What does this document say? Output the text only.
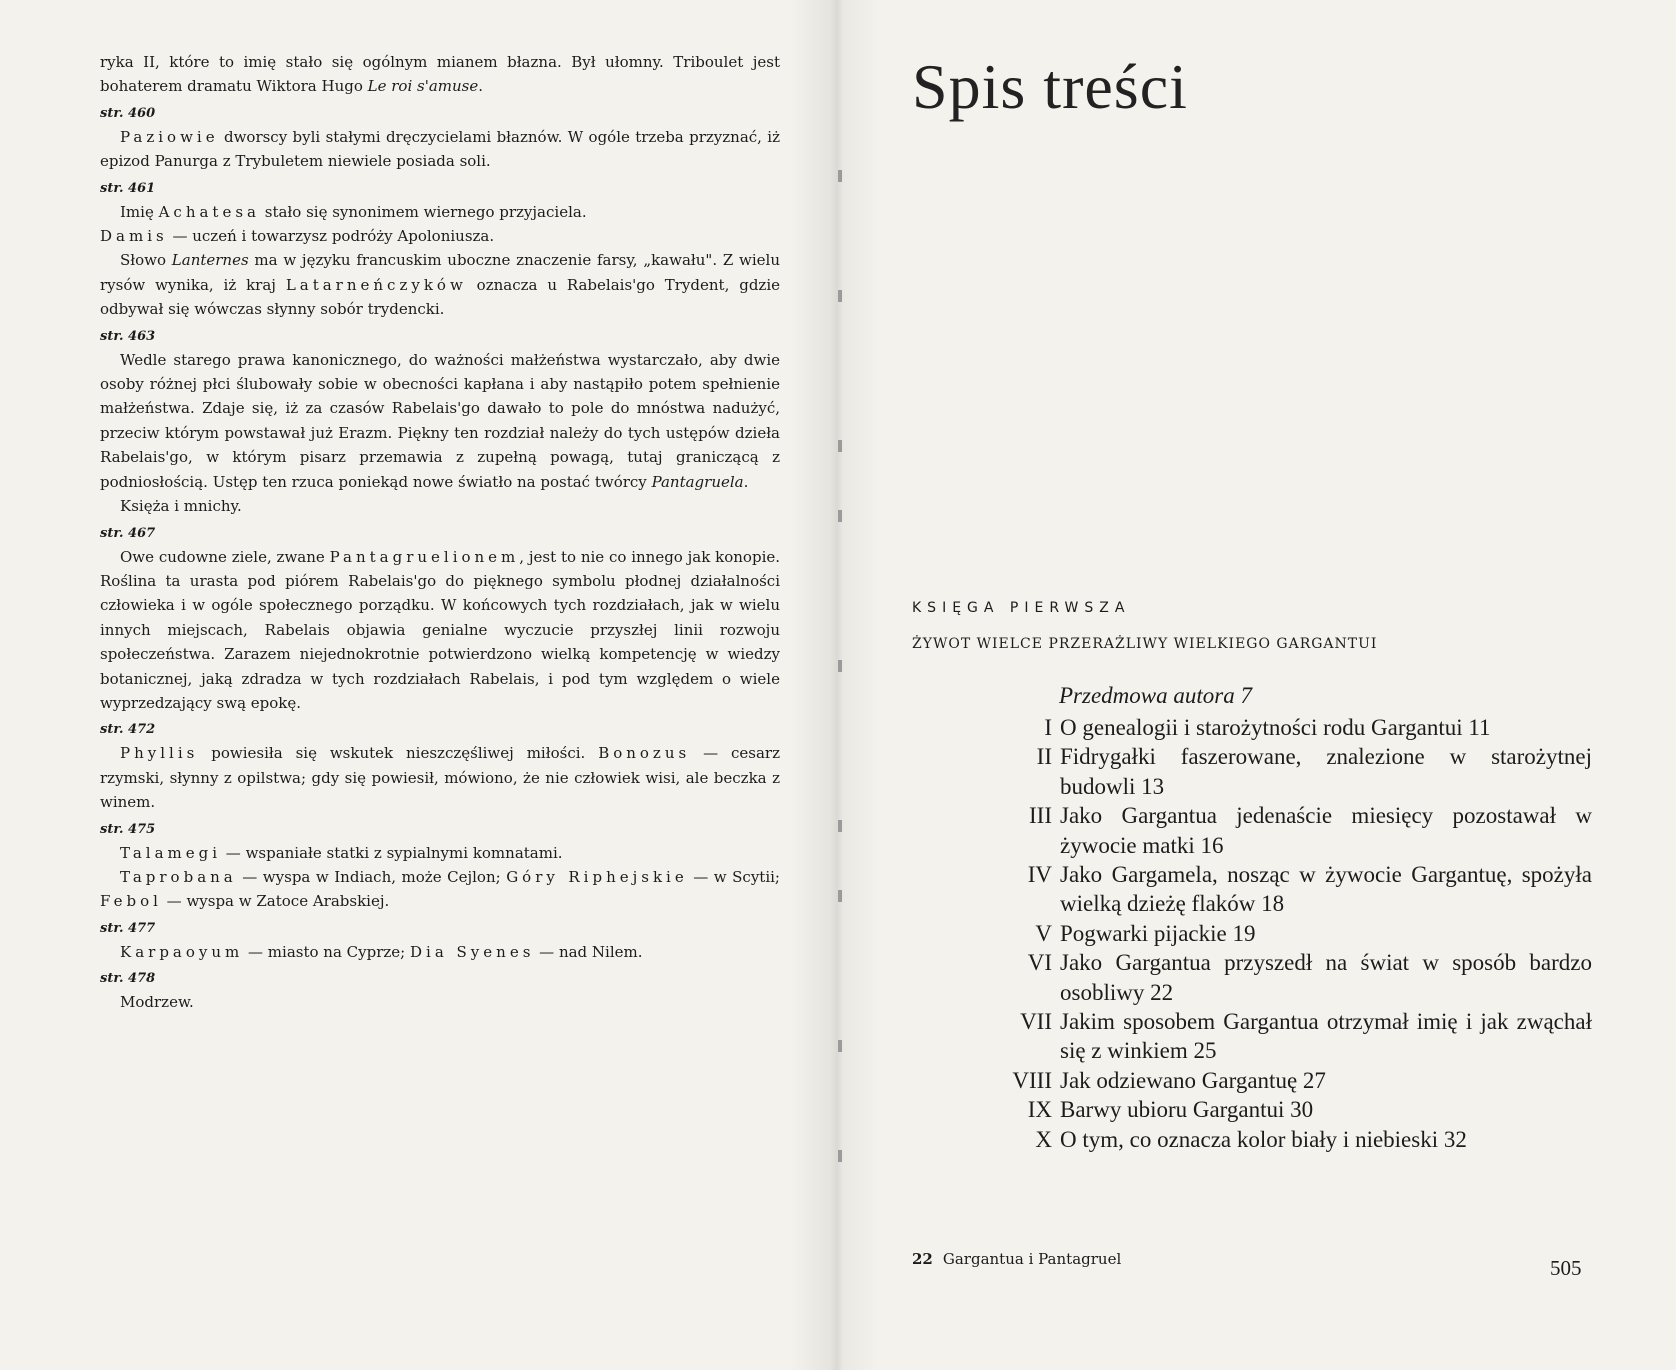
ryka II, które to imię stało się ogólnym mianem błazna. Był ułomny. Triboulet jest bohaterem dramatu Wiktora Hugo Le roi s'amuse.

str. 460

Paziowie dworscy byli stałymi dręczycielami błaznów. W ogóle trzeba przyznać, iż epizod Panurga z Trybuletem niewiele posiada soli.

str. 461

Imię Achatesa stało się synonimem wiernego przyjaciela.

Damis — uczeń i towarzysz podróży Apoloniusza.

Słowo Lanternes ma w języku francuskim uboczne znaczenie farsy, „kawału". Z wielu rysów wynika, iż kraj Latarneńczyków oznacza u Rabelais'go Trydent, gdzie odbywał się wówczas słynny sobór trydencki.

str. 463

Wedle starego prawa kanonicznego, do ważności małżeństwa wystarczało, aby dwie osoby różnej płci ślubowały sobie w obecności kapłana i aby nastąpiło potem spełnienie małżeństwa. Zdaje się, iż za czasów Rabelais'go dawało to pole do mnóstwa nadużyć, przeciw którym powstawał już Erazm. Piękny ten rozdział należy do tych ustępów dzieła Rabelais'go, w którym pisarz przemawia z zupełną powagą, tutaj graniczącą z podniosłością. Ustęp ten rzuca poniekąd nowe światło na postać twórcy Pantagruela.

Księża i mnichy.

str. 467

Owe cudowne ziele, zwane Pantagruelionem, jest to nie co innego jak konopie. Roślina ta urasta pod piórem Rabelais'go do pięknego symbolu płodnej działalności człowieka i w ogóle społecznego porządku. W końcowych tych rozdziałach, jak w wielu innych miejscach, Rabelais objawia genialne wyczucie przyszłej linii rozwoju społeczeństwa. Zarazem niejednokrotnie potwierdzono wielką kompetencję w wiedzy botanicznej, jaką zdradza w tych rozdziałach Rabelais, i pod tym względem o wiele wyprzedzający swą epokę.

str. 472

Phyllis powiesiła się wskutek nieszczęśliwej miłości. Bonozus — cesarz rzymski, słynny z opilstwa; gdy się powiesił, mówiono, że nie człowiek wisi, ale beczka z winem.

str. 475

Talamegi — wspaniałe statki z sypialnymi komnatami.

Taprobana — wyspa w Indiach, może Cejlon; Góry Riphejskie — w Scytii; Febol — wyspa w Zatoce Arabskiej.

str. 477

Karpaoyum — miasto na Cyprze; Dia Syenes — nad Nilem.

str. 478

Modrzew.

Spis treści
KSIĘGA PIERWSZA
ŻYWOT WIELCE PRZERAŻLIWY WIELKIEGO GARGANTUI
Przedmowa autora 7
I O genealogii i starożytności rodu Gargantui 11
II Fidrygałki faszerowane, znalezione w starożytnej budowli 13
III Jako Gargantua jedenaście miesięcy pozostawał w żywocie matki 16
IV Jako Gargamela, nosząc w żywocie Gargantuę, spożyła wielką dzieżę flaków 18
V Pogwarki pijackie 19
VI Jako Gargantua przyszedł na świat w sposób bardzo osobliwy 22
VII Jakim sposobem Gargantua otrzymał imię i jak zwąchał się z winkiem 25
VIII Jak odziewano Gargantuę 27
IX Barwy ubioru Gargantui 30
X O tym, co oznacza kolor biały i niebieski 32
22 Gargantua i Pantagruel	505
